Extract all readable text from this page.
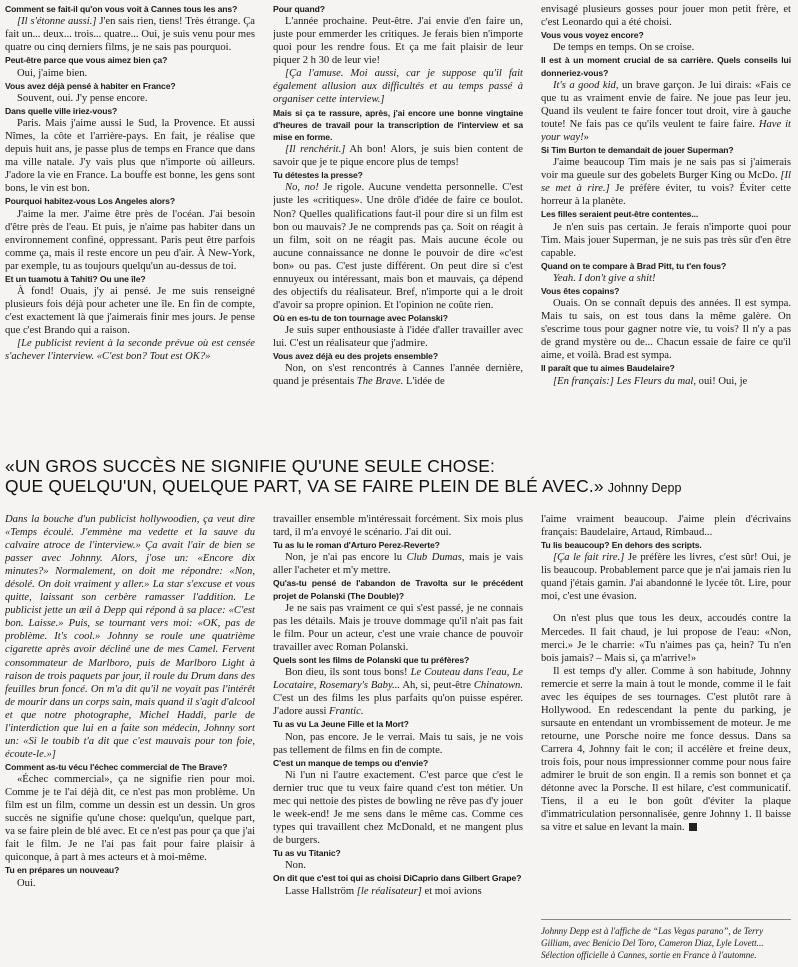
Comment se fait-il qu'on vous voit à Cannes tous les ans?

[Il s'étonne aussi.] J'en sais rien, tiens! Très étrange. Ça fait un... deux... trois... quatre... Oui, je suis venu pour mes quatre ou cinq derniers films, je ne sais pas pourquoi.

Peut-être parce que vous aimez bien ça?

Oui, j'aime bien.

Vous avez déjà pensé à habiter en France?

Souvent, oui. J'y pense encore.

Dans quelle ville iriez-vous?

Paris. Mais j'aime aussi le Sud, la Provence. Et aussi Nîmes, la côte et l'arrière-pays. En fait, je réalise que depuis huit ans, je passe plus de temps en France que dans ma ville natale. J'y vais plus que n'importe où ailleurs. J'adore la vie en France. La bouffe est bonne, les gens sont bons, le vin est bon.

Pourquoi habitez-vous Los Angeles alors?

J'aime la mer. J'aime être près de l'océan. J'ai besoin d'être près de l'eau. Et puis, je n'aime pas habiter dans un environnement confiné, oppressant. Paris peut être parfois comme ça, mais il reste encore un peu d'air. À New-York, par exemple, tu as toujours quelqu'un au-dessus de toi.

Et un tuamotu à Tahiti? Ou une île?

À fond! Ouais, j'y ai pensé. Je me suis renseigné plusieurs fois déjà pour acheter une île. En fin de compte, c'est exactement là que j'aimerais finir mes jours. Je pense que c'est Brando qui a raison.

[Le publicist revient à la seconde prévue où est censée s'achever l'interview. «C'est bon? Tout est OK?»

Pour quand?

L'année prochaine. Peut-être. J'ai envie d'en faire un, juste pour emmerder les critiques. Je ferais bien n'importe quoi pour les rendre fous. Et ça me fait plaisir de leur piquer 2 h 30 de leur vie!

[Ça l'amuse. Moi aussi, car je suppose qu'il fait également allusion aux difficultés et au temps passé à organiser cette interview.]

Mais si ça te rassure, après, j'ai encore une bonne vingtaine d'heures de travail pour la transcription de l'interview et sa mise en forme.

[Il renchérit.] Ah bon! Alors, je suis bien content de savoir que je te pique encore plus de temps!

Tu détestes la presse?

No, no! Je rigole. Aucune vendetta personnelle. C'est juste les «critiques». Une drôle d'idée de faire ce boulot. Non? Quelles qualifications faut-il pour dire si un film est bon ou mauvais? Je ne comprends pas ça. Soit on réagit à un film, soit on ne réagit pas. Mais aucune école ou aucune connaissance ne donne le pouvoir de dire «c'est bon» ou pas. C'est juste différent. On peut dire si c'est ennuyeux ou intéressant, mais bon et mauvais, ça dépend des objectifs du réalisateur. Bref, n'importe qui a le droit d'avoir sa propre opinion. Et l'opinion ne coûte rien.

Où en es-tu de ton tournage avec Polanski?

Je suis super enthousiaste à l'idée d'aller travailler avec lui. C'est un réalisateur que j'admire.

Vous avez déjà eu des projets ensemble?

Non, on s'est rencontrés à Cannes l'année dernière, quand je présentais The Brave. L'idée de

envisagé plusieurs gosses pour jouer mon petit frère, et c'est Leonardo qui a été choisi.

Vous vous voyez encore?

De temps en temps. On se croise.

Il est à un moment crucial de sa carrière. Quels conseils lui donneriez-vous?

It's a good kid, un brave garçon. Je lui dirais: «Fais ce que tu as vraiment envie de faire. Ne joue pas leur jeu. Quand ils veulent te faire foncer tout droit, vire à gauche toute! Ne fais pas ce qu'ils veulent te faire faire. Have it your way!»

Si Tim Burton te demandait de jouer Superman?

J'aime beaucoup Tim mais je ne sais pas si j'aimerais voir ma gueule sur des gobelets Burger King ou McDo. [Il se met à rire.] Je préfère éviter, tu vois? Éviter cette horreur à la planète.

Les filles seraient peut-être contentes...

Je n'en suis pas certain. Je ferais n'importe quoi pour Tim. Mais jouer Superman, je ne suis pas très sûr d'en être capable.

Quand on te compare à Brad Pitt, tu t'en fous?

Yeah. I don't give a shit!

Vous êtes copains?

Ouais. On se connaît depuis des années. Il est sympa. Mais tu sais, on est tous dans la même galère. On s'escrime tous pour gagner notre vie, tu vois? Il n'y a pas de grand mystère ou de... Chacun essaie de faire ce qu'il aime, et voilà. Brad est sympa.

Il paraît que tu aimes Baudelaire?

[En français:] Les Fleurs du mal, oui! Oui, je

«UN GROS SUCCÈS NE SIGNIFIE QU'UNE SEULE CHOSE:
QUE QUELQU'UN, QUELQUE PART, VA SE FAIRE PLEIN DE BLÉ AVEC.» Johnny Depp

Dans la bouche d'un publicist hollywoodien, ça veut dire «Temps écoulé. J'emmène ma vedette et la sauve du calvaire atroce de l'interview.» Ça avait l'air de bien se passer avec Johnny. Alors, j'ose un: «Encore dix minutes?» Normalement, on doit me répondre: «Non, désolé. On doit vraiment y aller.» La star s'excuse et vous quitte, laissant son cerbère ramasser l'addition. Le publicist jette un œil à Depp qui répond à sa place: «C'est bon. Laisse.» Puis, se tournant vers moi: «OK, pas de problème. It's cool.» Johnny se roule une quatrième cigarette après avoir décliné une de mes Camel. Fervent consommateur de Marlboro, puis de Marlboro Light à raison de trois paquets par jour, il roule du Drum dans des feuilles brun foncé. On m'a dit qu'il ne voyait pas l'intérêt de mourir dans un corps sain, mais quand il s'agit d'alcool et que notre photographe, Michel Haddi, parle de l'interdiction que lui en a faite son médecin, Johnny sort un: «Si le toubib t'a dit que c'est mauvais pour ton foie, écoute-le.»]

Comment as-tu vécu l'échec commercial de The Brave?

«Échec commercial», ça ne signifie rien pour moi. Comme je te l'ai déjà dit, ce n'est pas mon problème. Un film est un film, comme un dessin est un dessin. Un gros succès ne signifie qu'une chose: quelqu'un, quelque part, va se faire plein de blé avec. Et ce n'est pas pour ça que j'ai fait le film. Je ne l'ai pas fait pour faire plaisir à quiconque, à part à mes acteurs et à moi-même.

Tu en prépares un nouveau?

Oui.

travailler ensemble m'intéressait forcément. Six mois plus tard, il m'a envoyé le scénario. J'ai dit oui.

Tu as lu le roman d'Arturo Perez-Reverte?

Non, je n'ai pas encore lu Club Dumas, mais je vais aller l'acheter et m'y mettre.

Qu'as-tu pensé de l'abandon de Travolta sur le précédent projet de Polanski (The Double)?

Je ne sais pas vraiment ce qui s'est passé, je ne connais pas les détails. Mais je trouve dommage qu'il n'ait pas fait le film. Pour un acteur, c'est une vraie chance de pouvoir travailler avec Roman Polanski.

Quels sont les films de Polanski que tu préfères?

Bon dieu, ils sont tous bons! Le Couteau dans l'eau, Le Locataire, Rosemary's Baby... Ah, si, peut-être Chinatown. C'est un des films les plus parfaits qu'on puisse espérer. J'adore aussi Frantic.

Tu as vu La Jeune Fille et la Mort?

Non, pas encore. Je le verrai. Mais tu sais, je ne vois pas tellement de films en fin de compte.

C'est un manque de temps ou d'envie?

Ni l'un ni l'autre exactement. C'est parce que c'est le dernier truc que tu veux faire quand c'est ton métier. Un mec qui nettoie des pistes de bowling ne rêve pas d'y jouer le week-end! Je me sens dans le même cas. Comme ces types qui travaillent chez McDonald, et ne mangent plus de burgers.

Tu as vu Titanic?

Non.

On dit que c'est toi qui as choisi DiCaprio dans Gilbert Grape?

Lasse Hallström [le réalisateur] et moi avions

l'aime vraiment beaucoup. J'aime plein d'écrivains français: Baudelaire, Artaud, Rimbaud...

Tu lis beaucoup? En dehors des scripts.

[Ça le fait rire.] Je préfère les livres, c'est sûr! Oui, je lis beaucoup. Probablement parce que je n'ai jamais rien lu quand j'étais gamin. J'ai abandonné le lycée tôt. Lire, pour moi, c'est une évasion.

On n'est plus que tous les deux, accoudés contre la Mercedes. Il fait chaud, je lui propose de l'eau: «Non, merci.» Je le charrie: «Tu n'aimes pas ça, hein? Tu n'en bois jamais? – Mais si, ça m'arrive!»

Il est temps d'y aller. Comme à son habitude, Johnny remercie et serre la main à tout le monde, comme il le fait avec les équipes de ses tournages. C'est plutôt rare à Hollywood. En redescendant la pente du parking, je sursaute en entendant un vrombissement de moteur. Je me retourne, une Porsche noire me fonce dessus. Dans sa Carrera 4, Johnny fait le con; il accélère et freine deux, trois fois, pour nous impressionner comme pour nous faire admirer le bruit de son engin. Il a remis son bonnet et ça détonne avec la Porsche. Il est hilare, c'est communicatif. Tiens, il a eu le bon goût d'éviter la plaque d'immatriculation personnalisée, genre Johnny 1. Il baisse sa vitre et salue en levant la main.

Johnny Depp est à l'affiche de “Las Vegas parano”, de Terry Gilliam, avec Benicio Del Toro, Cameron Diaz, Lyle Lovett... Sélection officielle à Cannes, sortie en France à l'automne.
